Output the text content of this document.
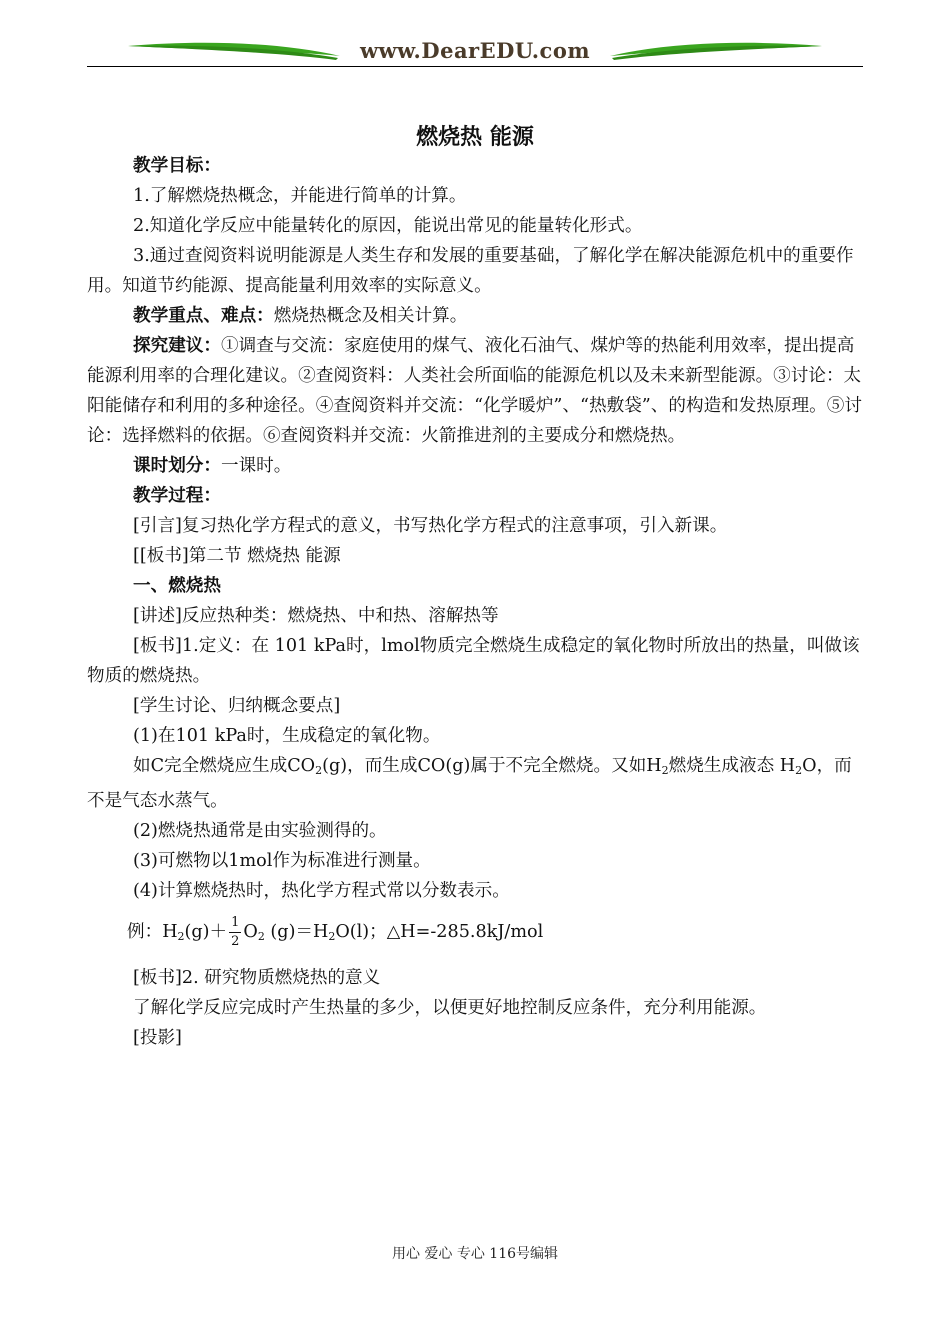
www.DearEDU.com
燃烧热 能源

教学目标：

1.了解燃烧热概念，并能进行简单的计算。

2.知道化学反应中能量转化的原因，能说出常见的能量转化形式。

3.通过查阅资料说明能源是人类生存和发展的重要基础，了解化学在解决能源危机中的重要作用。知道节约能源、提高能量利用效率的实际意义。

教学重点、难点：燃烧热概念及相关计算。

探究建议：①调查与交流：家庭使用的煤气、液化石油气、煤炉等的热能利用效率，提出提高能源利用率的合理化建议。②查阅资料：人类社会所面临的能源危机以及未来新型能源。③讨论：太阳能储存和利用的多种途径。④查阅资料并交流：“化学暖炉”、“热敷袋”、的构造和发热原理。⑤讨论：选择燃料的依据。⑥查阅资料并交流：火箭推进剂的主要成分和燃烧热。

课时划分：一课时。

教学过程：

[引言]复习热化学方程式的意义，书写热化学方程式的注意事项，引入新课。

[[板书]第二节 燃烧热 能源

一、燃烧热

[讲述]反应热种类：燃烧热、中和热、溶解热等

[板书]1.定义：在 101 kPa时，lmol物质完全燃烧生成稳定的氧化物时所放出的热量，叫做该物质的燃烧热。

[学生讨论、归纳概念要点]

(1)在101 kPa时，生成稳定的氧化物。

如C完全燃烧应生成$CO_2(g)$，而生成CO(g)属于不完全燃烧。又如$H_2$燃烧生成液态 $H_2O$，而不是气态水蒸气。

(2)燃烧热通常是由实验测得的。

(3)可燃物以1mol作为标准进行测量。

(4)计算燃烧热时，热化学方程式常以分数表示。

例：$H_2(g)+ \frac{1}{2} O_2$ $(g)=H_2O(l)$；△H=-285.8kJ/mol

[板书]2. 研究物质燃烧热的意义

了解化学反应完成时产生热量的多少，以便更好地控制反应条件，充分利用能源。

[投影]

用心 爱心 专心 116号编辑
